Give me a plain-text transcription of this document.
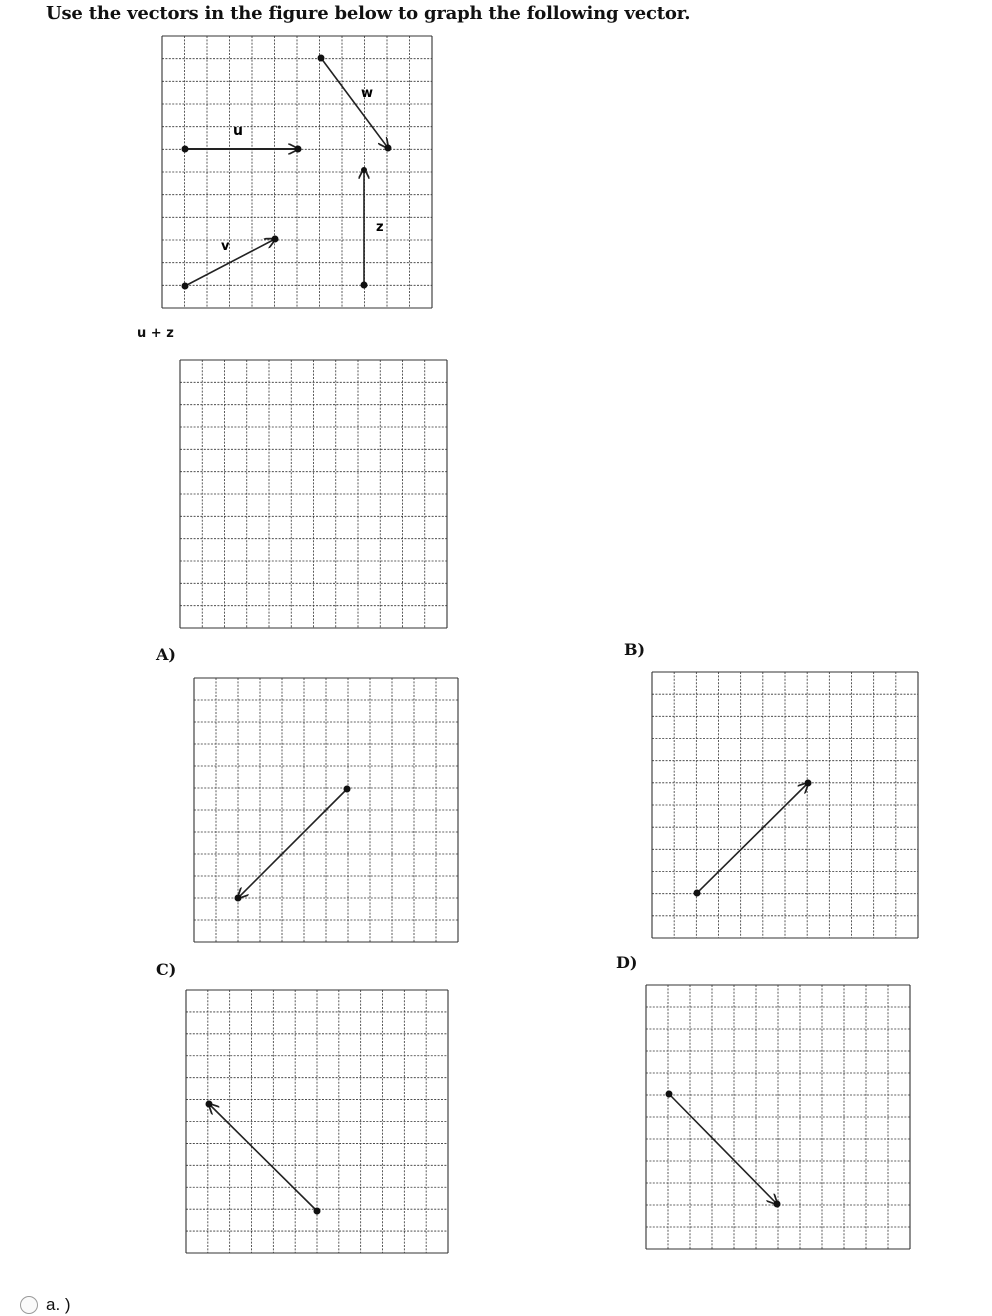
Use the vectors in the figure below to graph the following vector.
u
w
v
z
u + z
A)	B)
C)	D)
a. )
